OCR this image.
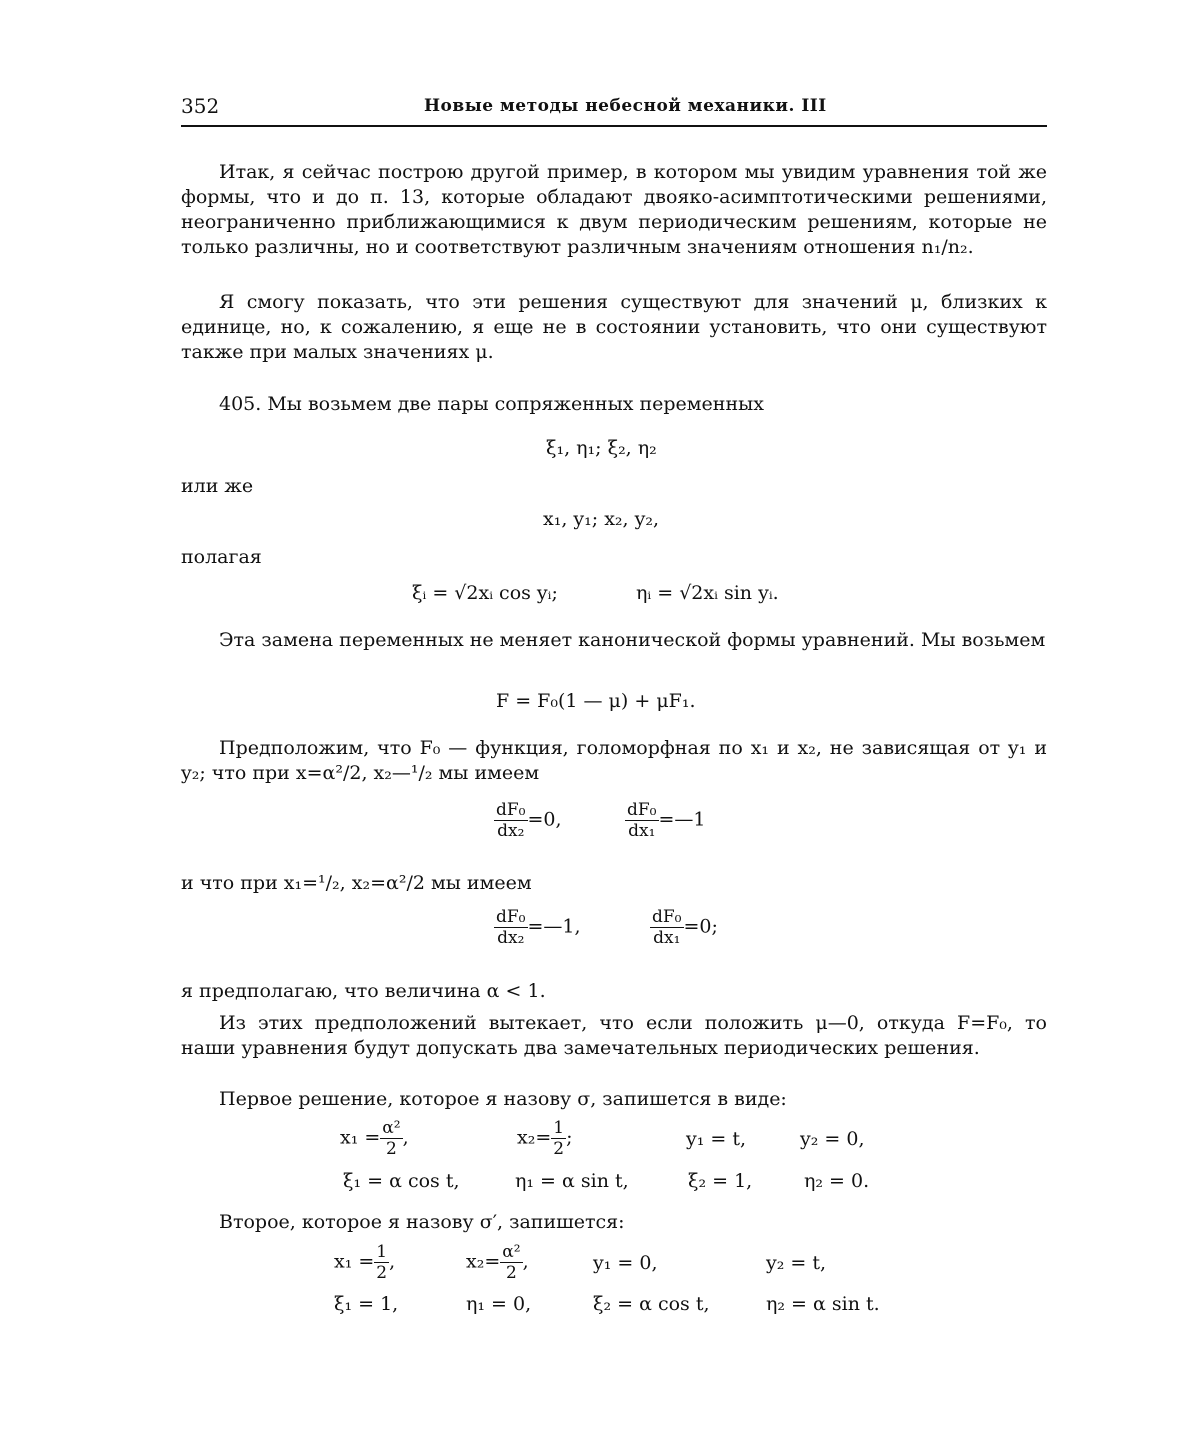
352	Новые методы небесной механики. III

Итак, я сейчас построю другой пример, в котором мы увидим уравнения той же формы, что и до п. 13, которые обладают двояко-асимптотическими решениями, неограниченно приближающимися к двум периодическим решениям, которые не только различны, но и соответствуют различным значениям отношения n₁/n₂.

Я смогу показать, что эти решения существуют для значений μ, близких к единице, но, к сожалению, я еще не в состоянии установить, что они существуют также при малых значениях μ.

405. Мы возьмем две пары сопряженных переменных

ξ₁, η₁; ξ₂, η₂
или же
x₁, y₁; x₂, y₂,
полагая
ξᵢ = √2xᵢ cos yᵢ;	ηᵢ = √2xᵢ sin yᵢ.

Эта замена переменных не меняет канонической формы уравнений. Мы возьмем

F = F₀(1 — μ) + μF₁.

Предположим, что F₀ — функция, голоморфная по x₁ и x₂, не зависящая от y₁ и y₂; что при x=α²/2, x₂—¹/₂ мы имеем

$\frac{\text{dF₀}}{\text{dx₂}} =0$,	$\frac{\text{dF₀}}{\text{dx₁}}$ =—1
и что при x₁=¹/₂, x₂=α²/2 мы имеем
$\frac{\text{dF₀}}{\text{dx₂}}$ =—1,	$\frac{\text{dF₀}}{\text{dx₁}} =0$;
я предполагаю, что величина α < 1.

Из этих предположений вытекает, что если положить μ—0, откуда F=F₀, то наши уравнения будут допускать два замечательных периодических решения.

Первое решение, которое я назову σ, запишется в виде:

$x_1 = \frac{\text{α²}}{2}$ ,	$x_2= \frac{1}{2}$ ;	y₁ = t,	y₂ = 0,
ξ₁ = α cos t,	η₁ = α sin t,	ξ₂ = 1,	η₂ = 0.

Второе, которое я назову σ′, запишется:

$x_1 = \frac{1}{2}$ ,	$x_2= \frac{\text{α²}}{2}$ ,	y₁ = 0,	y₂ = t,
ξ₁ = 1,	η₁ = 0,	ξ₂ = α cos t,	η₂ = α sin t.
